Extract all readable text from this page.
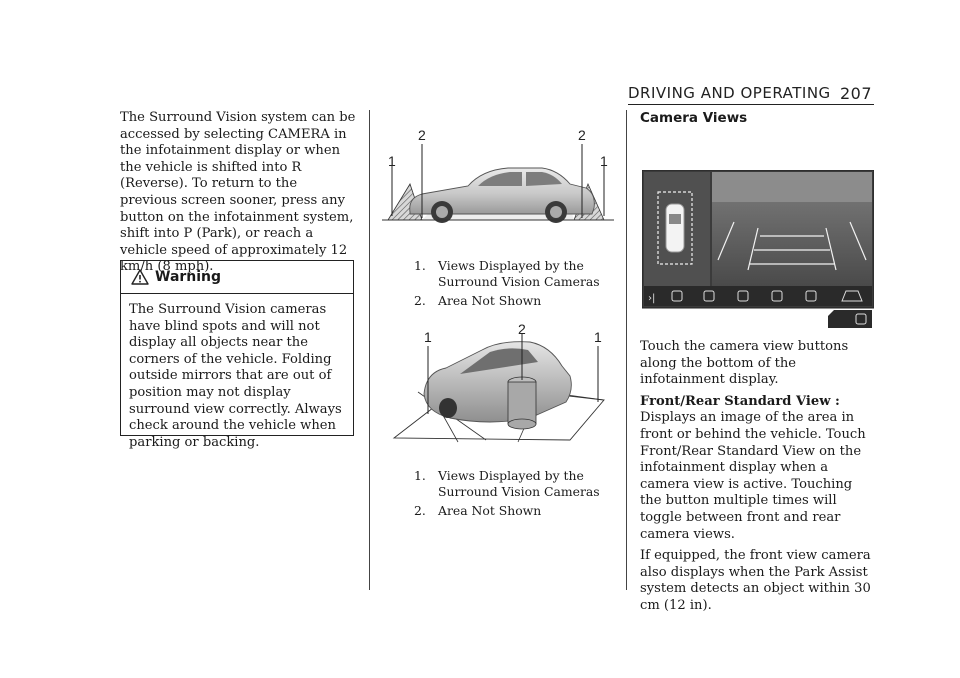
DRIVING AND OPERATING 207

The Surround Vision system can be accessed by selecting CAMERA in the infotainment display or when the vehicle is shifted into R (Reverse). To return to the previous screen sooner, press any button on the infotainment system, shift into P (Park), or reach a vehicle speed of approximately 12 km/h (8 mph).

Warning

The Surround Vision cameras have blind spots and will not display all objects near the corners of the vehicle. Folding outside mirrors that are out of position may not display surround view correctly. Always check around the vehicle when parking or backing.

1
2	2
1
1. Views Displayed by the Surround Vision Cameras
2. Area Not Shown
1	2	1
1. Views Displayed by the Surround Vision Cameras
2. Area Not Shown
Camera Views
›|

Touch the camera view buttons along the bottom of the infotainment display.

Front/Rear Standard View : Displays an image of the area in front or behind the vehicle. Touch Front/Rear Standard View on the infotainment display when a camera view is active. Touching the button multiple times will toggle between front and rear camera views.

If equipped, the front view camera also displays when the Park Assist system detects an object within 30 cm (12 in).
